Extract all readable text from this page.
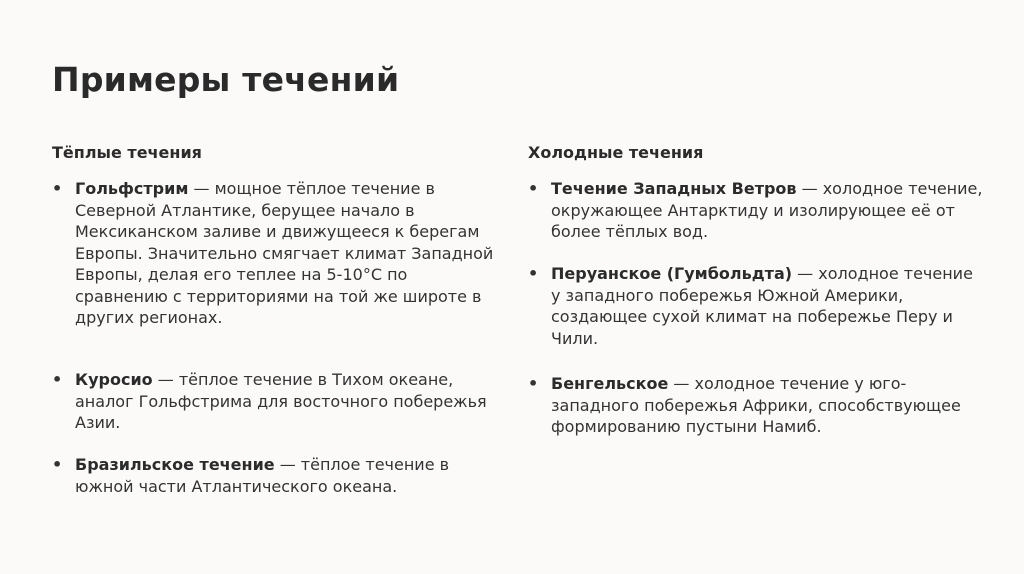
Примеры течений
Тёплые течения
• Гольфстрим — мощное тёплое течение в Северной Атлантике, берущее начало в Мексиканском заливе и движущееся к берегам Европы. Значительно смягчает климат Западной Европы, делая его теплее на 5-10°C по сравнению с территориями на той же широте в других регионах.
• Куросио — тёплое течение в Тихом океане, аналог Гольфстрима для восточного побережья Азии.
• Бразильское течение — тёплое течение в южной части Атлантического океана.
Холодные течения
• Течение Западных Ветров — холодное течение, окружающее Антарктиду и изолирующее её от более тёплых вод.
• Перуанское (Гумбольдта) — холодное течение у западного побережья Южной Америки, создающее сухой климат на побережье Перу и Чили.
• Бенгельское — холодное течение у юго-западного побережья Африки, способствующее формированию пустыни Намиб.
